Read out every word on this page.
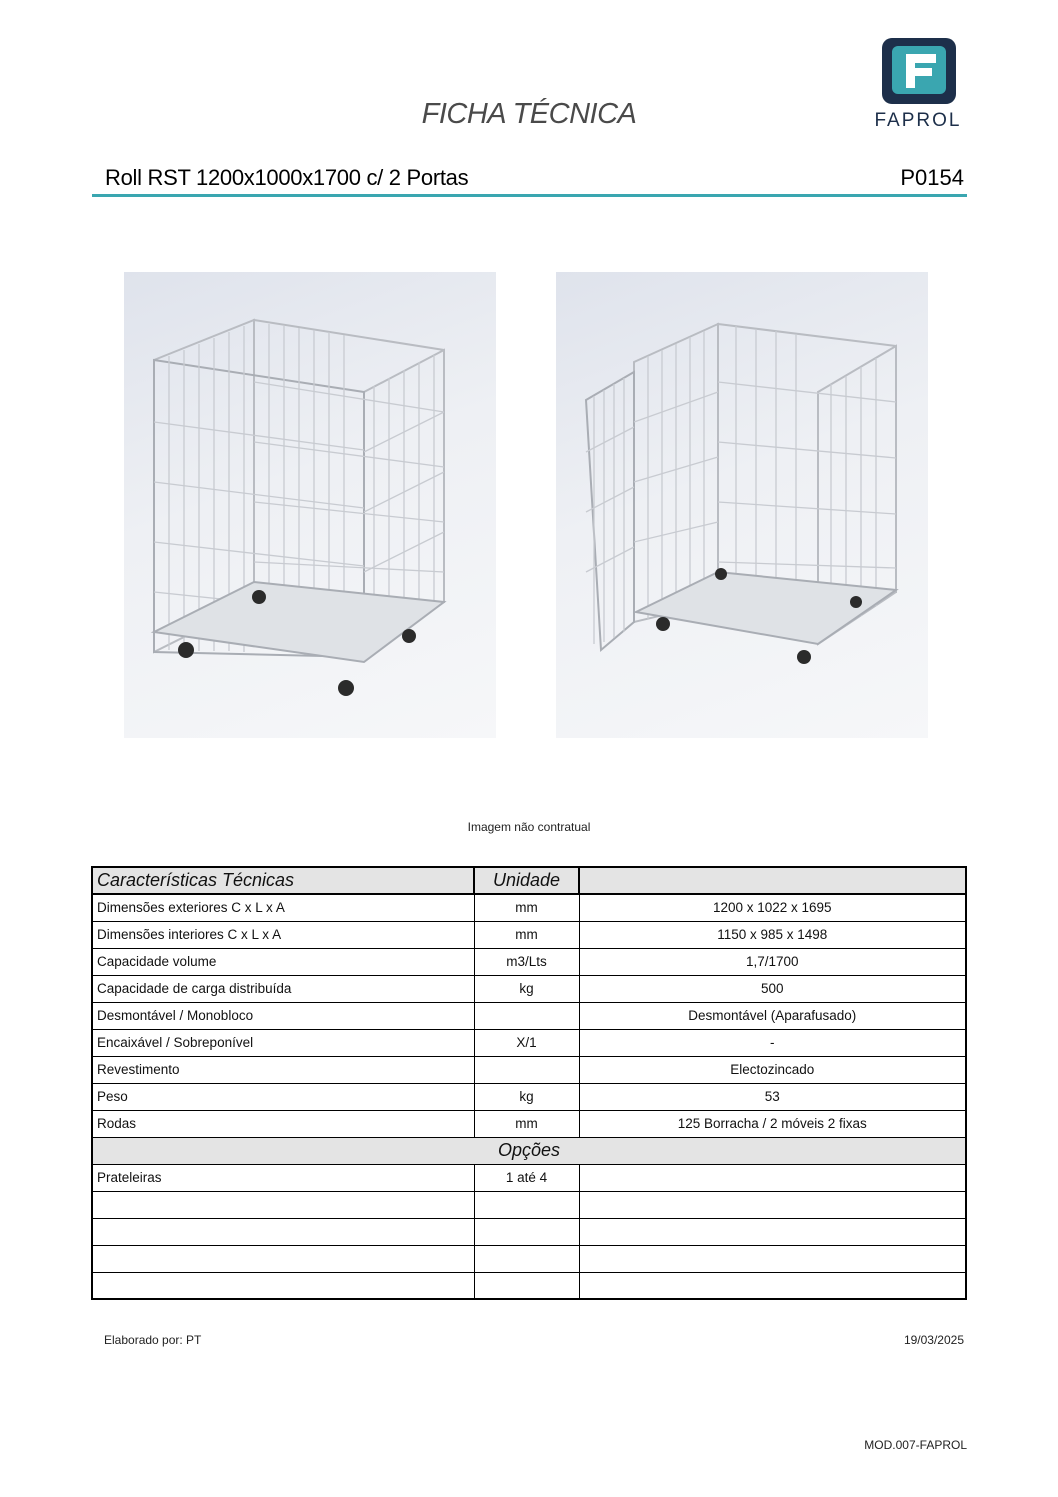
FICHA TÉCNICA	FAPROL
Roll RST 1200x1000x1700 c/ 2 Portas	P0154
Imagem não contratual
Características Técnicas	Unidade	
Dimensões exteriores C x L x A	mm	1200 x 1022 x 1695
Dimensões interiores C x L x A	mm	1150 x 985 x 1498
Capacidade volume	m3/Lts	1,7/1700
Capacidade de carga distribuída	kg	500
Desmontável / Monobloco		Desmontável (Aparafusado)
Encaixável / Sobreponível	X/1	-
Revestimento		Electozincado
Peso	kg	53
Rodas	mm	125 Borracha / 2 móveis 2 fixas
Opções		
Prateleiras	1 até 4	

Elaborado por: PT	19/03/2025
MOD.007-FAPROL
